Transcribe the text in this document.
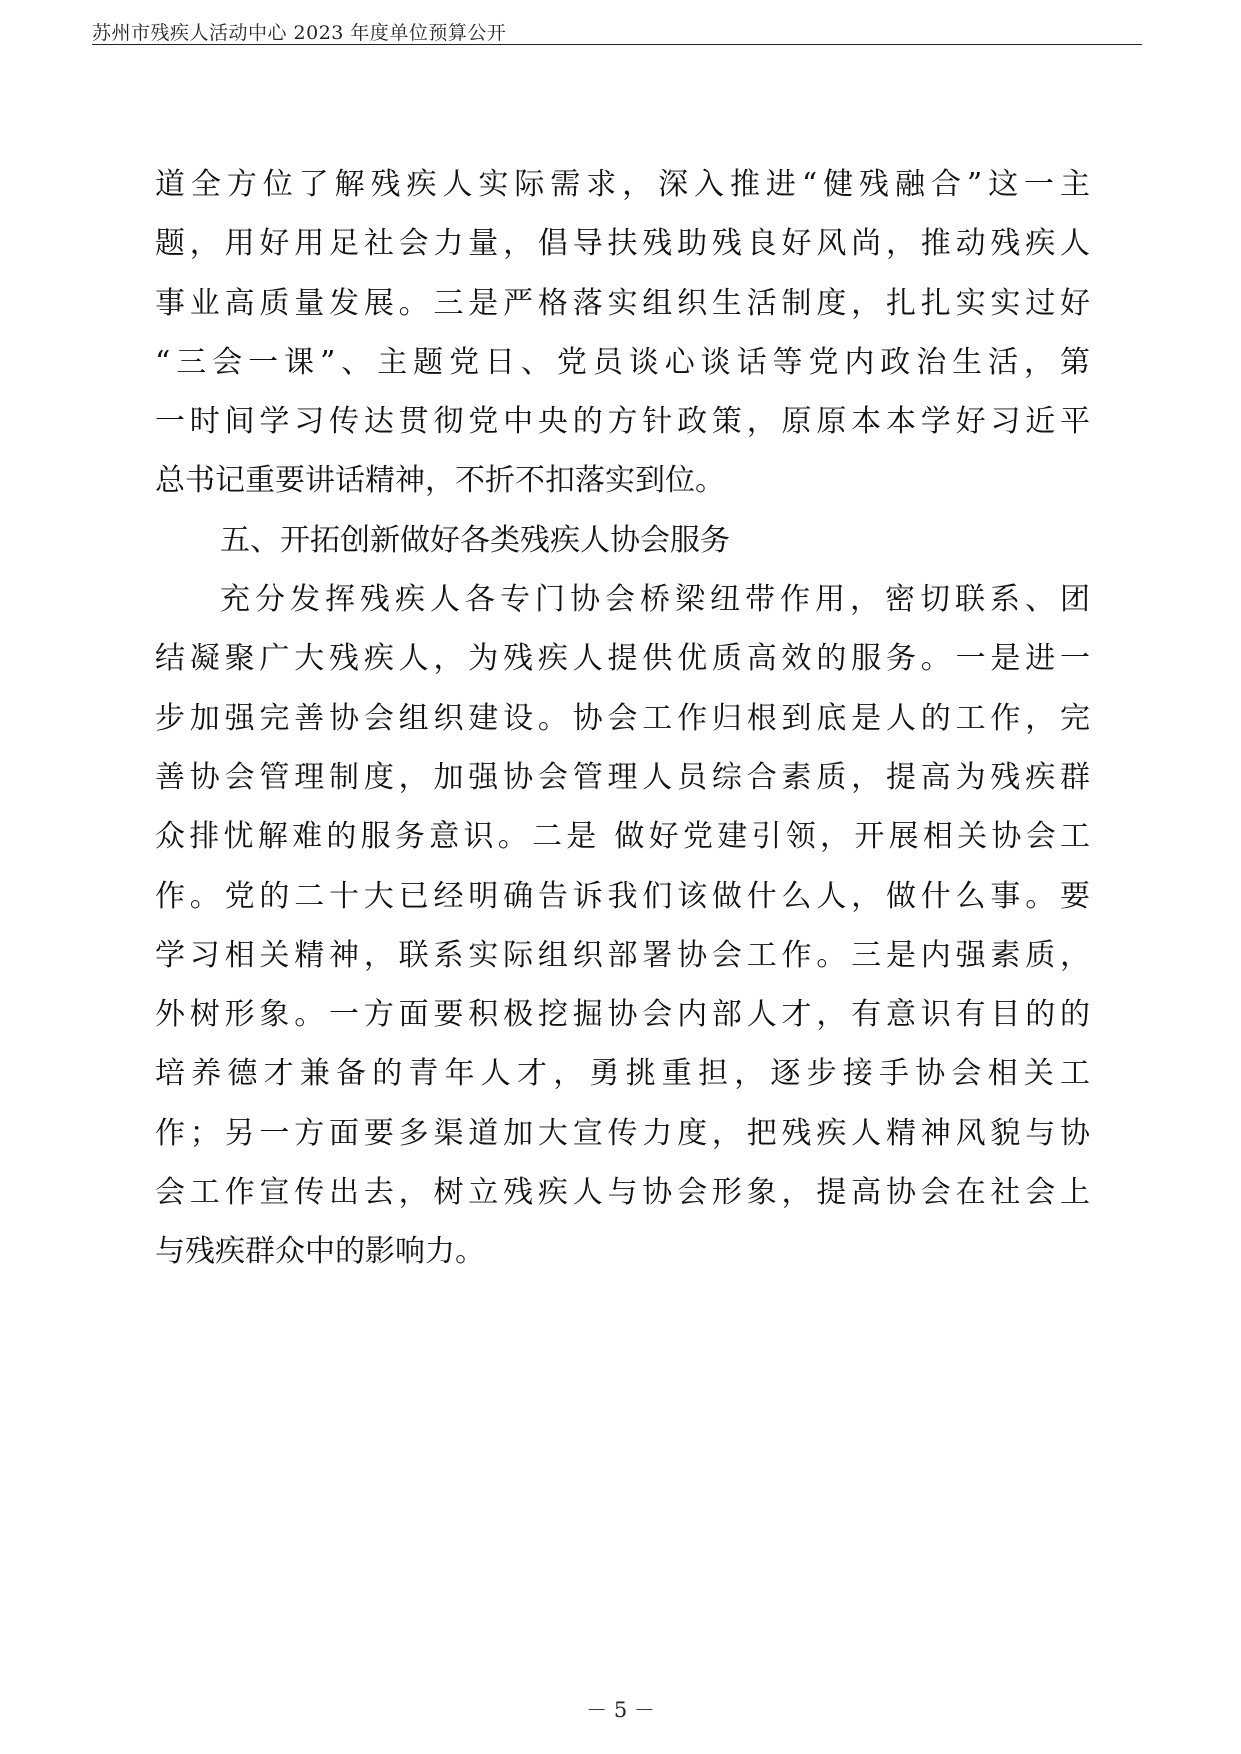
苏州市残疾人活动中心 2023 年度单位预算公开
道全方位了解残疾人实际需求，深入推进“健残融合”这一主
题，用好用足社会力量，倡导扶残助残良好风尚，推动残疾人
事业高质量发展。三是严格落实组织生活制度，扎扎实实过好
“三会一课”、主题党日、党员谈心谈话等党内政治生活，第
一时间学习传达贯彻党中央的方针政策，原原本本学好习近平
总书记重要讲话精神，不折不扣落实到位。
五、开拓创新做好各类残疾人协会服务
充分发挥残疾人各专门协会桥梁纽带作用，密切联系、团
结凝聚广大残疾人，为残疾人提供优质高效的服务。一是进一
步加强完善协会组织建设。协会工作归根到底是人的工作，完
善协会管理制度，加强协会管理人员综合素质，提高为残疾群
众排忧解难的服务意识。二是 做好党建引领，开展相关协会工
作。党的二十大已经明确告诉我们该做什么人，做什么事。要
学习相关精神，联系实际组织部署协会工作。三是内强素质，
外树形象。一方面要积极挖掘协会内部人才，有意识有目的的
培养德才兼备的青年人才，勇挑重担，逐步接手协会相关工
作；另一方面要多渠道加大宣传力度，把残疾人精神风貌与协
会工作宣传出去，树立残疾人与协会形象，提高协会在社会上
与残疾群众中的影响力。
－ 5 －
